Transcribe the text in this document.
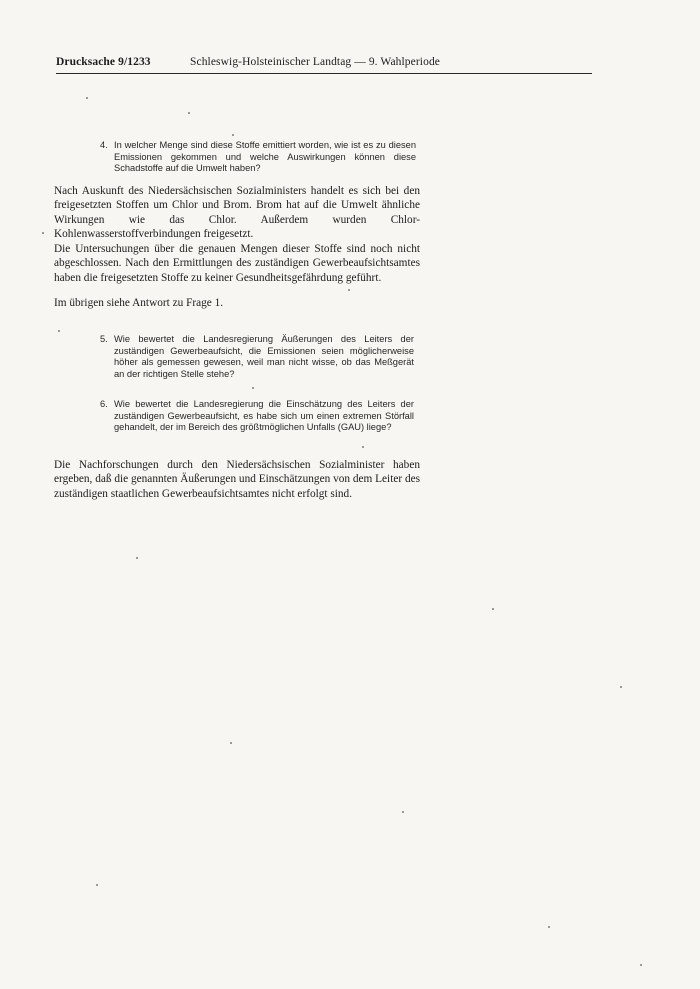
Drucksache 9/1233	Schleswig-Holsteinischer Landtag — 9. Wahlperiode
4. In welcher Menge sind diese Stoffe emittiert worden, wie ist es zu diesen Emissionen gekommen und welche Auswirkungen können diese Schadstoffe auf die Umwelt haben?
Nach Auskunft des Niedersächsischen Sozialministers handelt es sich bei den freigesetzten Stoffen um Chlor und Brom. Brom hat auf die Umwelt ähnliche Wirkungen wie das Chlor. Außerdem wurden Chlor-Kohlenwasserstoffverbindungen freigesetzt.
Die Untersuchungen über die genauen Mengen dieser Stoffe sind noch nicht abgeschlossen. Nach den Ermittlungen des zuständigen Gewerbeaufsichtsamtes haben die freigesetzten Stoffe zu keiner Gesundheitsgefährdung geführt.
Im übrigen siehe Antwort zu Frage 1.
5. Wie bewertet die Landesregierung Äußerungen des Leiters der zuständigen Gewerbeaufsicht, die Emissionen seien möglicherweise höher als gemessen gewesen, weil man nicht wisse, ob das Meßgerät an der richtigen Stelle stehe?
6. Wie bewertet die Landesregierung die Einschätzung des Leiters der zuständigen Gewerbeaufsicht, es habe sich um einen extremen Störfall gehandelt, der im Bereich des größtmöglichen Unfalls (GAU) liege?
Die Nachforschungen durch den Niedersächsischen Sozialminister haben ergeben, daß die genannten Äußerungen und Einschätzungen von dem Leiter des zuständigen staatlichen Gewerbeaufsichtsamtes nicht erfolgt sind.
